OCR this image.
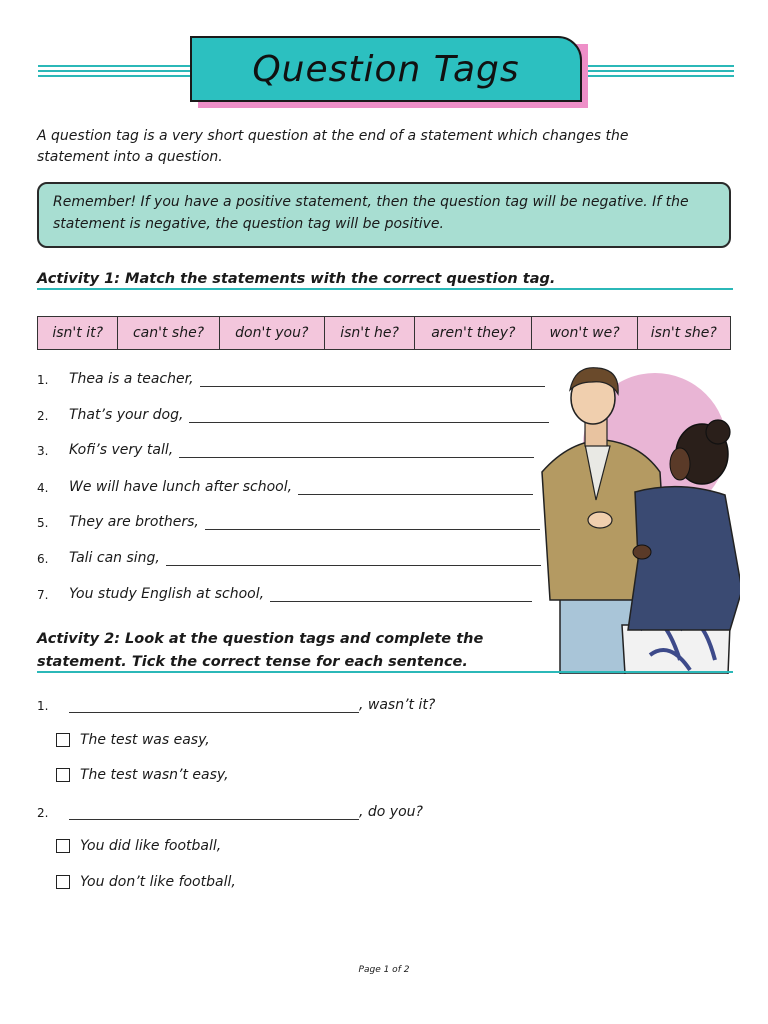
Question Tags
A question tag is a very short question at the end of a statement which changes the statement into a question.
Remember! If you have a positive statement, then the question tag will be negative. If the statement is negative, the question tag will be positive.
Activity 1: Match the statements with the correct question tag.
isn't it?	can't she?	don't you?	isn't he?	aren't they?	won't we?	isn't she?
1.	Thea is a teacher,
2.	That’s your dog,
3.	Kofi’s very tall,
4.	We will have lunch after school,
5.	They are brothers,
6.	Tali can sing,
7.	You study English at school,
Activity 2: Look at the question tags and complete the
statement. Tick the correct tense for each sentence.
1.	, wasn’t it?
The test was easy,
The test wasn’t easy,
2.	, do you?
You did like football,
You don’t like football,
Page 1 of 2
